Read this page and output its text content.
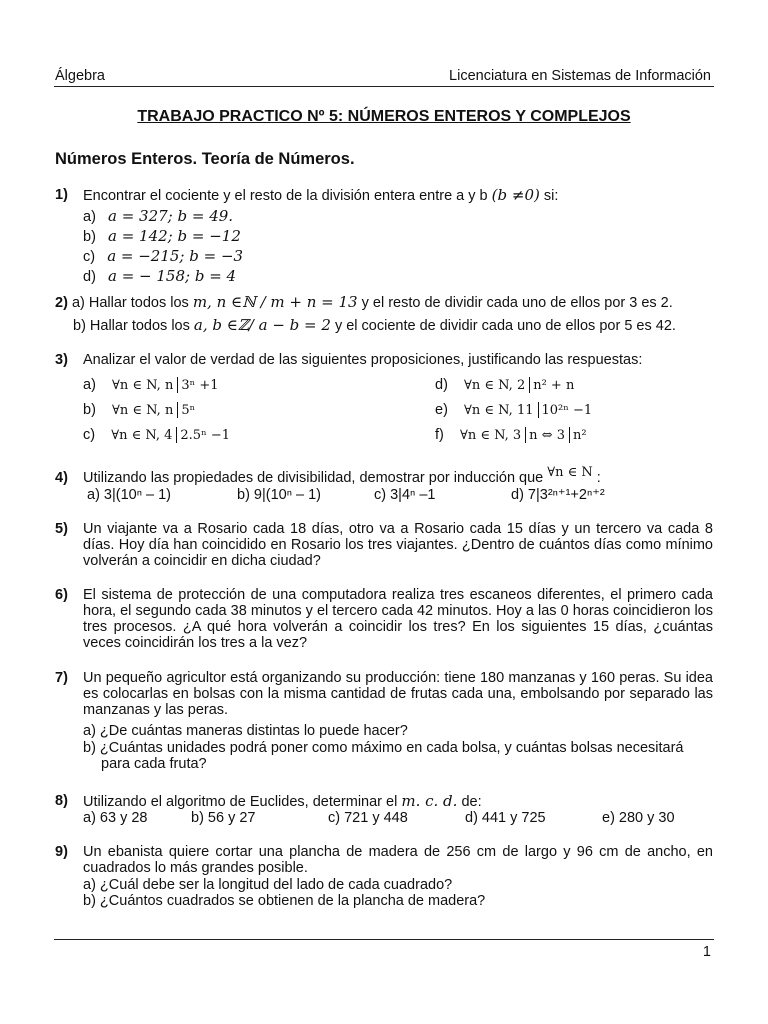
Álgebra	Licenciatura en Sistemas de Información
TRABAJO PRACTICO Nº 5: NÚMEROS ENTEROS Y COMPLEJOS
Números Enteros. Teoría de Números.
1) Encontrar el cociente y el resto de la división entera entre a y b (𝑏 ≠0) si:
a) 𝑎 = 327; 𝑏 = 49.
b) 𝑎 = 142; 𝑏 = −12
c) 𝑎 = −215; 𝑏 = −3
d) 𝑎 = − 158; 𝑏 = 4
2) a) Hallar todos los 𝑚, 𝑛 ∈ℕ / 𝑚 + 𝑛 = 13 y el resto de dividir cada uno de ellos por 3 es 2.
b) Hallar todos los 𝑎, 𝑏 ∈ℤ/ 𝑎 − 𝑏 = 2 y el cociente de dividir cada uno de ellos por 5 es 42.
3) Analizar el valor de verdad de las siguientes proposiciones, justificando las respuestas:
a) ∀n ∈ N, n 3ⁿ +1
b) ∀n ∈ N, n 5ⁿ
c) ∀n ∈ N, 4 2.5ⁿ −1
d) ∀n ∈ N, 2 n² + n
e) ∀n ∈ N, 11 10²ⁿ −1
f) ∀n ∈ N, 3 n ⇔ 3 n²
4) Utilizando las propiedades de divisibilidad, demostrar por inducción que ∀n ∈ N :
a) 3|(10ⁿ – 1)	b) 9|(10ⁿ – 1)	c) 3|4ⁿ –1	d) 7|3²ⁿ⁺¹+2ⁿ⁺²
5) Un viajante va a Rosario cada 18 días, otro va a Rosario cada 15 días y un tercero va cada 8 días. Hoy día han coincidido en Rosario los tres viajantes. ¿Dentro de cuántos días como mínimo volverán a coincidir en dicha ciudad?
6) El sistema de protección de una computadora realiza tres escaneos diferentes, el primero cada hora, el segundo cada 38 minutos y el tercero cada 42 minutos. Hoy a las 0 horas coincidieron los tres procesos. ¿A qué hora volverán a coincidir los tres? En los siguientes 15 días, ¿cuántas veces coincidirán los tres a la vez?
7) Un pequeño agricultor está organizando su producción: tiene 180 manzanas y 160 peras. Su idea es colocarlas en bolsas con la misma cantidad de frutas cada una, embolsando por separado las manzanas y las peras.
a) ¿De cuántas maneras distintas lo puede hacer?
b) ¿Cuántas unidades podrá poner como máximo en cada bolsa, y cuántas bolsas necesitará para cada fruta?
8) Utilizando el algoritmo de Euclides, determinar el 𝑚. 𝑐. 𝑑. de:
a) 63 y 28	b) 56 y 27	c) 721 y 448	d) 441 y 725	e) 280 y 30
9) Un ebanista quiere cortar una plancha de madera de 256 cm de largo y 96 cm de ancho, en cuadrados lo más grandes posible.
a) ¿Cuál debe ser la longitud del lado de cada cuadrado?
b) ¿Cuántos cuadrados se obtienen de la plancha de madera?
1
